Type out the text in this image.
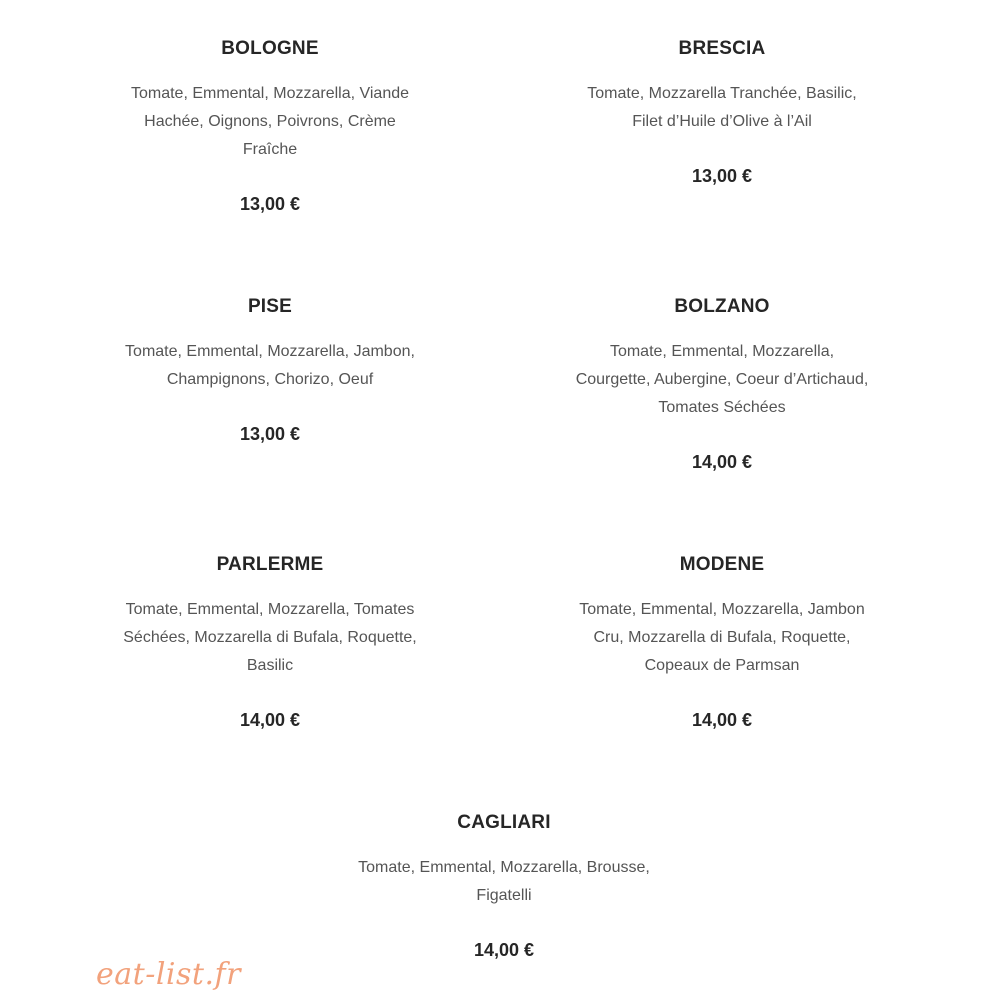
BOLOGNE
Tomate, Emmental, Mozzarella, Viande
Hachée, Oignons, Poivrons, Crème
Fraîche
13,00 €
BRESCIA
Tomate, Mozzarella Tranchée, Basilic,
Filet d’Huile d’Olive à l’Ail
13,00 €
PISE
Tomate, Emmental, Mozzarella, Jambon,
Champignons, Chorizo, Oeuf
13,00 €
BOLZANO
Tomate, Emmental, Mozzarella,
Courgette, Aubergine, Coeur d’Artichaud,
Tomates Séchées
14,00 €
PARLERME
Tomate, Emmental, Mozzarella, Tomates
Séchées, Mozzarella di Bufala, Roquette,
Basilic
14,00 €
MODENE
Tomate, Emmental, Mozzarella, Jambon
Cru, Mozzarella di Bufala, Roquette,
Copeaux de Parmsan
14,00 €
CAGLIARI
Tomate, Emmental, Mozzarella, Brousse,
Figatelli
14,00 €
eat-list.fr
